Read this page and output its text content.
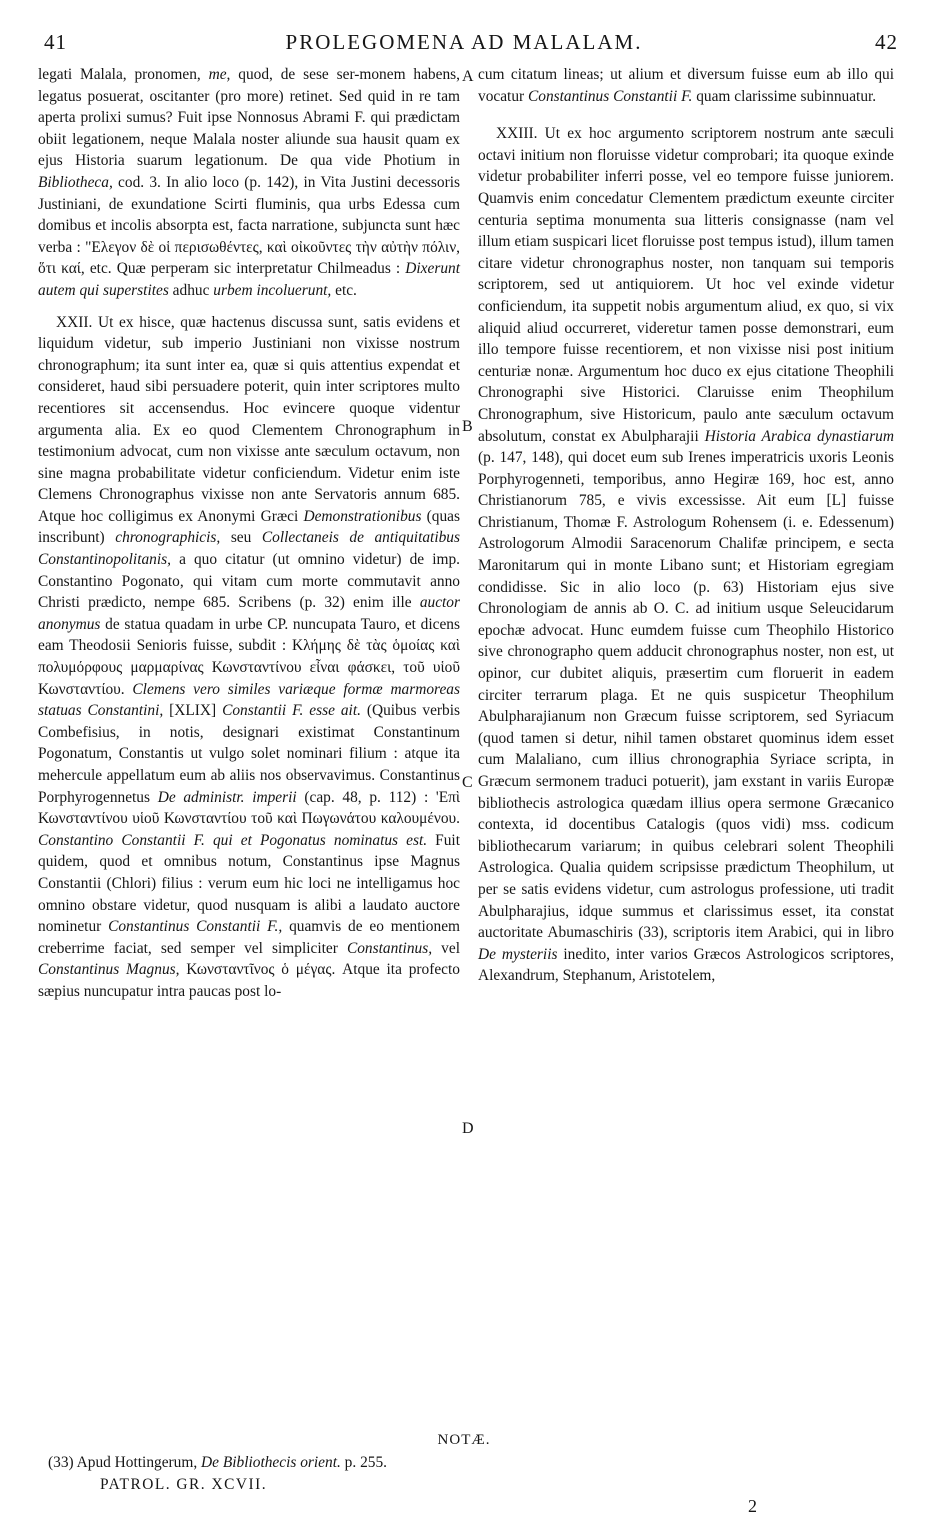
41	PROLEGOMENA AD MALALAM.	42
A
B
C
D

legati Malala, pronomen, me, quod, de sese ser-monem habens, legatus posuerat, oscitanter (pro more) retinet. Sed quid in re tam aperta prolixi sumus? Fuit ipse Nonnosus Abrami F. qui prædictam obiit legationem, neque Malala noster aliunde sua hausit quam ex ejus Historia suarum legationum. De qua vide Photium in Bibliotheca, cod. 3. In alio loco (p. 142), in Vita Justini decessoris Justiniani, de exundatione Scirti fluminis, qua urbs Edessa cum domibus et incolis absorpta est, facta narratione, subjuncta sunt hæc verba : "Ελεγον δὲ οἱ περισωθέντες, καὶ οἰκοῦντες τὴν αὐτὴν πόλιν, ὅτι καί, etc. Quæ perperam sic interpretatur Chilmeadus : Dixerunt autem qui superstites adhuc urbem incoluerunt, etc.

XXII. Ut ex hisce, quæ hactenus discussa sunt, satis evidens et liquidum videtur, sub imperio Justiniani non vixisse nostrum chronographum; ita sunt inter ea, quæ si quis attentius expendat et consideret, haud sibi persuadere poterit, quin inter scriptores multo recentiores sit accensendus. Hoc evincere quoque videntur argumenta alia. Ex eo quod Clementem Chronographum in testimonium advocat, cum non vixisse ante sæculum octavum, non sine magna probabilitate videtur conficiendum. Videtur enim iste Clemens Chronographus vixisse non ante Servatoris annum 685. Atque hoc colligimus ex Anonymi Græci Demonstrationibus (quas inscribunt) chronographicis, seu Collectaneis de antiquitatibus Constantinopolitanis, a quo citatur (ut omnino videtur) de imp. Constantino Pogonato, qui vitam cum morte commutavit anno Christi prædicto, nempe 685. Scribens (p. 32) enim ille auctor anonymus de statua quadam in urbe CP. nuncupata Tauro, et dicens eam Theodosii Senioris fuisse, subdit : Κλήμης δὲ τὰς ὁμοίας καὶ πολυμόρφους μαρμαρίνας Κωνσταντίνου εἶναι φάσκει, τοῦ υἱοῦ Κωνσταντίου. Clemens vero similes variæque formæ marmoreas statuas Constantini, [XLIX] Constantii F. esse ait. (Quibus verbis Combefisius, in notis, designari existimat Constantinum Pogonatum, Constantis ut vulgo solet nominari filium : atque ita mehercule appellatum eum ab aliis nos observavimus. Constantinus Porphyrogennetus De administr. imperii (cap. 48, p. 112) : 'Επὶ Κωνσταντίνου υἱοῦ Κωνσταντίου τοῦ καὶ Πωγωνάτου καλουμένου. Constantino Constantii F. qui et Pogonatus nominatus est. Fuit quidem, quod et omnibus notum, Constantinus ipse Magnus Constantii (Chlori) filius : verum eum hic loci ne intelligamus hoc omnino obstare videtur, quod nusquam is alibi a laudato auctore nominetur Constantinus Constantii F., quamvis de eo mentionem creberrime faciat, sed semper vel simpliciter Constantinus, vel Constantinus Magnus, Κωνσταντῖνος ὁ μέγας. Atque ita profecto sæpius nuncupatur intra paucas post lo-

cum citatum lineas; ut alium et diversum fuisse eum ab illo qui vocatur Constantinus Constantii F. quam clarissime subinnuatur.

XXIII. Ut ex hoc argumento scriptorem nostrum ante sæculi octavi initium non floruisse videtur comprobari; ita quoque exinde videtur probabiliter inferri posse, vel eo tempore fuisse juniorem. Quamvis enim concedatur Clementem prædictum exeunte circiter centuria septima monumenta sua litteris consignasse (nam vel illum etiam suspicari licet floruisse post tempus istud), illum tamen citare videtur chronographus noster, non tanquam sui temporis scriptorem, sed ut antiquiorem. Ut hoc vel exinde videtur conficiendum, ita suppetit nobis argumentum aliud, ex quo, si vix aliquid aliud occurreret, videretur tamen posse demonstrari, eum illo tempore fuisse recentiorem, et non vixisse nisi post initium centuriæ nonæ. Argumentum hoc duco ex ejus citatione Theophili Chronographi sive Historici. Claruisse enim Theophilum Chronographum, sive Historicum, paulo ante sæculum octavum absolutum, constat ex Abulpharajii Historia Arabica dynastiarum (p. 147, 148), qui docet eum sub Irenes imperatricis uxoris Leonis Porphyrogenneti, temporibus, anno Hegiræ 169, hoc est, anno Christianorum 785, e vivis excessisse. Ait eum [L] fuisse Christianum, Thomæ F. Astrologum Rohensem (i. e. Edessenum) Astrologorum Almodii Saracenorum Chalifæ principem, e secta Maronitarum qui in monte Libano sunt; et Historiam egregiam condidisse. Sic in alio loco (p. 63) Historiam ejus sive Chronologiam de annis ab O. C. ad initium usque Seleucidarum epochæ advocat. Hunc eumdem fuisse cum Theophilo Historico sive chronographo quem adducit chronographus noster, non est, ut opinor, cur dubitet aliquis, præsertim cum floruerit in eadem circiter terrarum plaga. Et ne quis suspicetur Theophilum Abulpharajianum non Græcum fuisse scriptorem, sed Syriacum (quod tamen si detur, nihil tamen obstaret quominus idem esset cum Malaliano, cum illius chronographia Syriace scripta, in Græcum sermonem traduci potuerit), jam exstant in variis Europæ bibliothecis astrologica quædam illius opera sermone Græcanico contexta, id docentibus Catalogis (quos vidi) mss. codicum bibliothecarum variarum; in quibus celebrari solent Theophili Astrologica. Qualia quidem scripsisse prædictum Theophilum, ut per se satis evidens videtur, cum astrologus professione, uti tradit Abulpharajius, idque summus et clarissimus esset, ita constat auctoritate Abumaschiris (33), scriptoris item Arabici, qui in libro De mysteriis inedito, inter varios Græcos Astrologicos scriptores, Alexandrum, Stephanum, Aristotelem,

NOTÆ.
(33) Apud Hottingerum, De Bibliothecis orient. p. 255.
PATROL. GR. XCVII.
2
